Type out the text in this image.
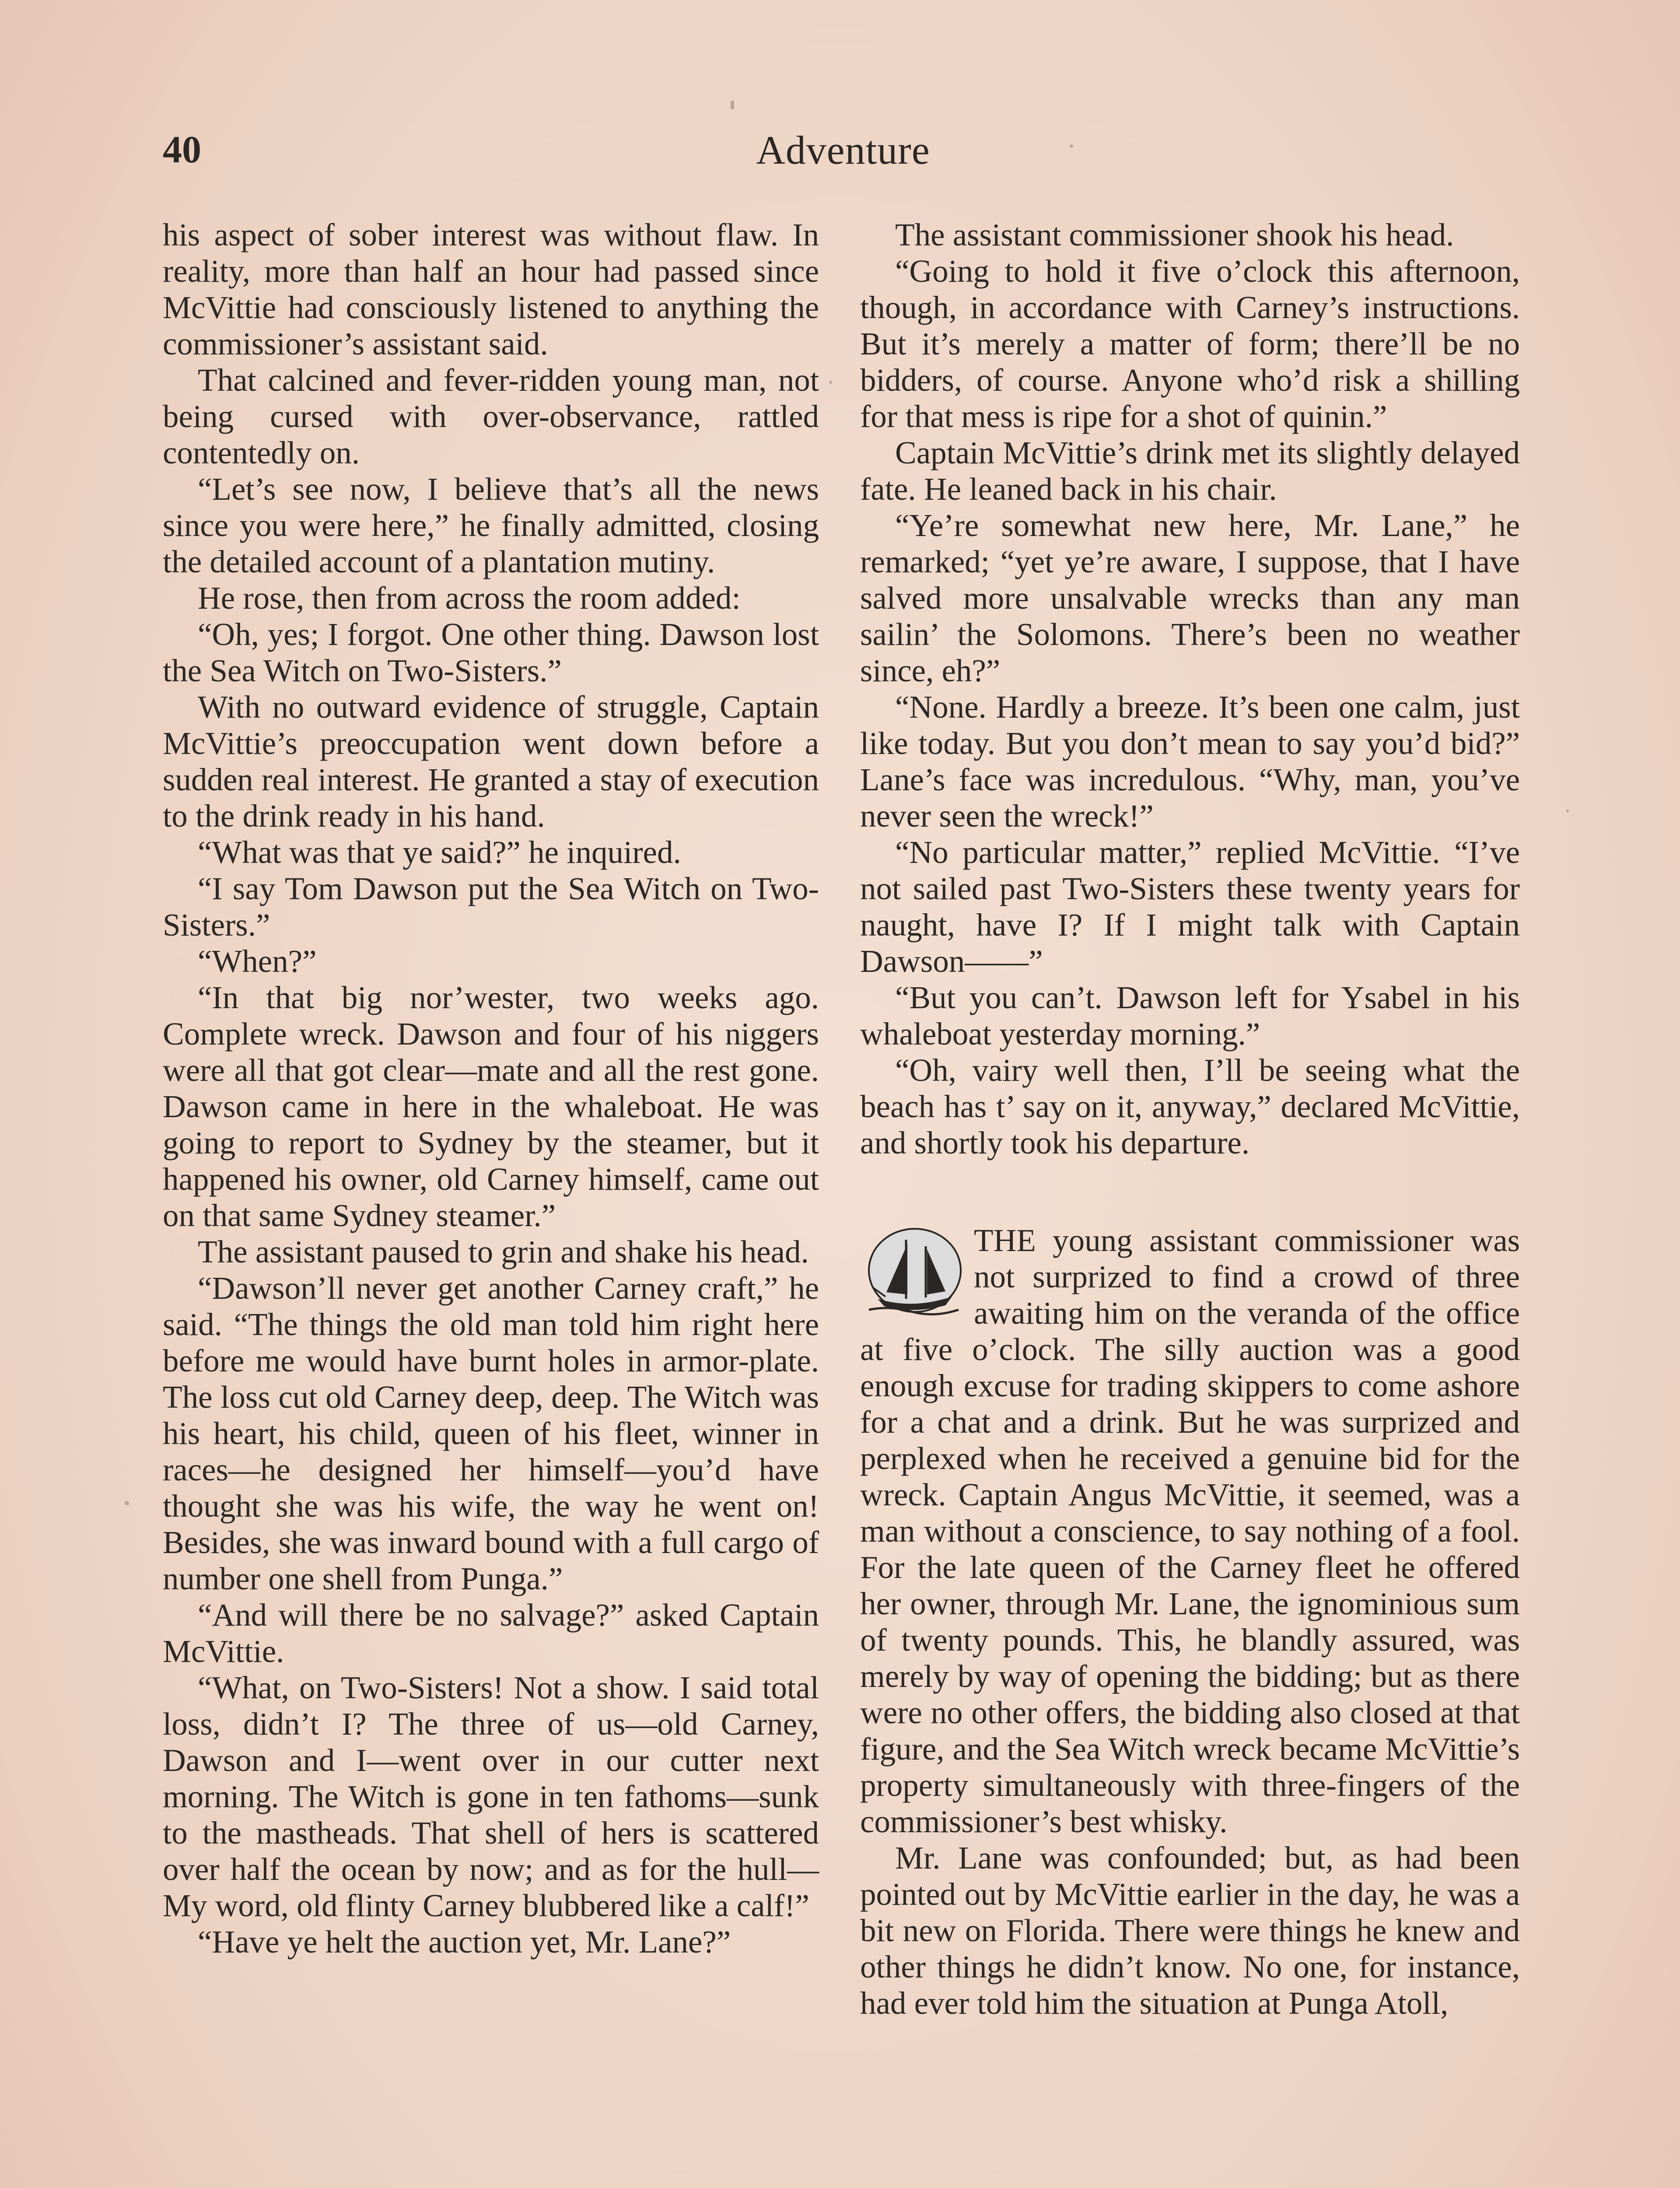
40	Adventure

his aspect of sober interest was without flaw. In reality, more than half an hour had passed since McVittie had consciously listened to anything the commissioner’s assistant said.

That calcined and fever-ridden young man, not being cursed with over-observance, rattled contentedly on.

“Let’s see now, I believe that’s all the news since you were here,” he finally admitted, closing the detailed account of a plantation mutiny.

He rose, then from across the room added:

“Oh, yes; I forgot. One other thing. Dawson lost the Sea Witch on Two-Sisters.”

With no outward evidence of struggle, Captain McVittie’s preoccupation went down before a sudden real interest. He granted a stay of execution to the drink ready in his hand.

“What was that ye said?” he inquired.

“I say Tom Dawson put the Sea Witch on Two-Sisters.”

“When?”

“In that big nor’wester, two weeks ago. Complete wreck. Dawson and four of his niggers were all that got clear—mate and all the rest gone. Dawson came in here in the whaleboat. He was going to report to Sydney by the steamer, but it happened his owner, old Carney himself, came out on that same Sydney steamer.”

The assistant paused to grin and shake his head.

“Dawson’ll never get another Carney craft,” he said. “The things the old man told him right here before me would have burnt holes in armor-plate. The loss cut old Carney deep, deep. The Witch was his heart, his child, queen of his fleet, winner in races—he designed her himself—you’d have thought she was his wife, the way he went on! Besides, she was inward bound with a full cargo of number one shell from Punga.”

“And will there be no salvage?” asked Captain McVittie.

“What, on Two-Sisters! Not a show. I said total loss, didn’t I? The three of us—old Carney, Dawson and I—went over in our cutter next morning. The Witch is gone in ten fathoms—sunk to the mastheads. That shell of hers is scattered over half the ocean by now; and as for the hull— My word, old flinty Carney blubbered like a calf!”

“Have ye helt the auction yet, Mr. Lane?”

The assistant commissioner shook his head.

“Going to hold it five o’clock this afternoon, though, in accordance with Carney’s instructions. But it’s merely a matter of form; there’ll be no bidders, of course. Anyone who’d risk a shilling for that mess is ripe for a shot of quinin.”

Captain McVittie’s drink met its slightly delayed fate. He leaned back in his chair.

“Ye’re somewhat new here, Mr. Lane,” he remarked; “yet ye’re aware, I suppose, that I have salved more unsalvable wrecks than any man sailin’ the Solomons. There’s been no weather since, eh?”

“None. Hardly a breeze. It’s been one calm, just like today. But you don’t mean to say you’d bid?” Lane’s face was incredulous. “Why, man, you’ve never seen the wreck!”

“No particular matter,” replied McVittie. “I’ve not sailed past Two-Sisters these twenty years for naught, have I? If I might talk with Captain Dawson——”

“But you can’t. Dawson left for Ysabel in his whaleboat yesterday morning.”

“Oh, vairy well then, I’ll be seeing what the beach has t’ say on it, anyway,” declared McVittie, and shortly took his departure.

THE young assistant commissioner was not surprized to find a crowd of three awaiting him on the veranda of the office at five o’clock. The silly auction was a good enough excuse for trading skippers to come ashore for a chat and a drink. But he was surprized and perplexed when he received a genuine bid for the wreck. Captain Angus McVittie, it seemed, was a man without a conscience, to say nothing of a fool. For the late queen of the Carney fleet he offered her owner, through Mr. Lane, the ignominious sum of twenty pounds. This, he blandly assured, was merely by way of opening the bidding; but as there were no other offers, the bidding also closed at that figure, and the Sea Witch wreck became McVittie’s property simultaneously with three-fingers of the commissioner’s best whisky.

Mr. Lane was confounded; but, as had been pointed out by McVittie earlier in the day, he was a bit new on Florida. There were things he knew and other things he didn’t know. No one, for instance, had ever told him the situation at Punga Atoll,
